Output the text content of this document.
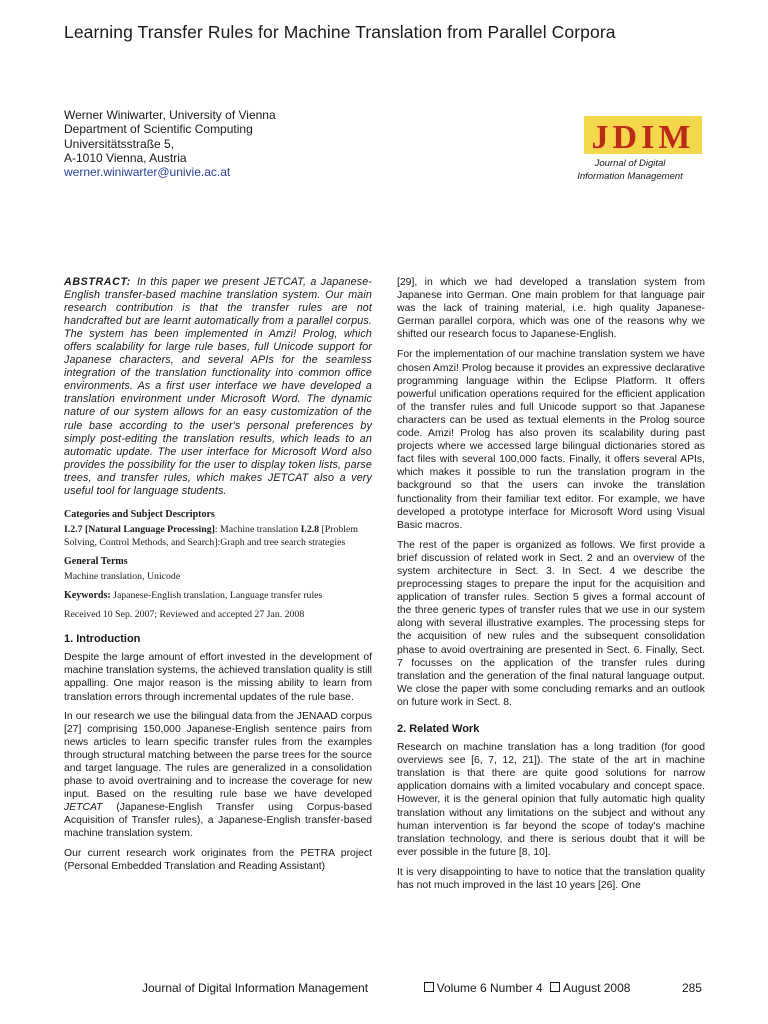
Learning Transfer Rules for Machine Translation from Parallel Corpora
Werner Winiwarter, University of Vienna
Department of Scientific Computing
Universitätsstraße 5,
A-1010 Vienna, Austria
werner.winiwarter@univie.ac.at
JDIM
Journal of Digital
Information Management
ABSTRACT: In this paper we present JETCAT, a Japanese-English transfer-based machine translation system. Our main research contribution is that the transfer rules are not handcrafted but are learnt automatically from a parallel corpus. The system has been implemented in Amzi! Prolog, which offers scalability for large rule bases, full Unicode support for Japanese characters, and several APIs for the seamless integration of the translation functionality into common office environments. As a first user interface we have developed a translation environment under Microsoft Word. The dynamic nature of our system allows for an easy customization of the rule base according to the user's personal preferences by simply post-editing the translation results, which leads to an automatic update. The user interface for Microsoft Word also provides the possibility for the user to display token lists, parse trees, and transfer rules, which makes JETCAT also a very useful tool for language students.
Categories and Subject Descriptors
I.2.7 [Natural Language Processing]: Machine translation I.2.8 [Problem Solving, Control Methods, and Search]:Graph and tree search strategies
General Terms
Machine translation, Unicode
Keywords: Japanese-English translation, Language transfer rules
Received 10 Sep. 2007; Reviewed and accepted 27 Jan. 2008
1. Introduction

Despite the large amount of effort invested in the development of machine translation systems, the achieved translation quality is still appalling. One major reason is the missing ability to learn from translation errors through incremental updates of the rule base.

In our research we use the bilingual data from the JENAAD corpus [27] comprising 150,000 Japanese-English sentence pairs from news articles to learn specific transfer rules from the examples through structural matching between the parse trees for the source and target language. The rules are generalized in a consolidation phase to avoid overtraining and to increase the coverage for new input. Based on the resulting rule base we have developed JETCAT (Japanese-English Transfer using Corpus-based Acquisition of Transfer rules), a Japanese-English transfer-based machine translation system.

Our current research work originates from the PETRA project (Personal Embedded Translation and Reading Assistant)

[29], in which we had developed a translation system from Japanese into German. One main problem for that language pair was the lack of training material, i.e. high quality Japanese-German parallel corpora, which was one of the reasons why we shifted our research focus to Japanese-English.

For the implementation of our machine translation system we have chosen Amzi! Prolog because it provides an expressive declarative programming language within the Eclipse Platform. It offers powerful unification operations required for the efficient application of the transfer rules and full Unicode support so that Japanese characters can be used as textual elements in the Prolog source code. Amzi! Prolog has also proven its scalability during past projects where we accessed large bilingual dictionaries stored as fact files with several 100,000 facts. Finally, it offers several APIs, which makes it possible to run the translation program in the background so that the users can invoke the translation functionality from their familiar text editor. For example, we have developed a prototype interface for Microsoft Word using Visual Basic macros.

The rest of the paper is organized as follows. We first provide a brief discussion of related work in Sect. 2 and an overview of the system architecture in Sect. 3. In Sect. 4 we describe the preprocessing stages to prepare the input for the acquisition and application of transfer rules. Section 5 gives a formal account of the three generic types of transfer rules that we use in our system along with several illustrative examples. The processing steps for the acquisition of new rules and the subsequent consolidation phase to avoid overtraining are presented in Sect. 6. Finally, Sect. 7 focusses on the application of the transfer rules during translation and the generation of the final natural language output. We close the paper with some concluding remarks and an outlook on future work in Sect. 8.

2. Related Work

Research on machine translation has a long tradition (for good overviews see [6, 7, 12, 21]). The state of the art in machine translation is that there are quite good solutions for narrow application domains with a limited vocabulary and concept space. However, it is the general opinion that fully automatic high quality translation without any limitations on the subject and without any human intervention is far beyond the scope of today's machine translation technology, and there is serious doubt that it will be ever possible in the future [8, 10].

It is very disappointing to have to notice that the translation quality has not much improved in the last 10 years [26]. One

Journal of Digital Information Management	Volume 6 Number 4 August 2008	285
